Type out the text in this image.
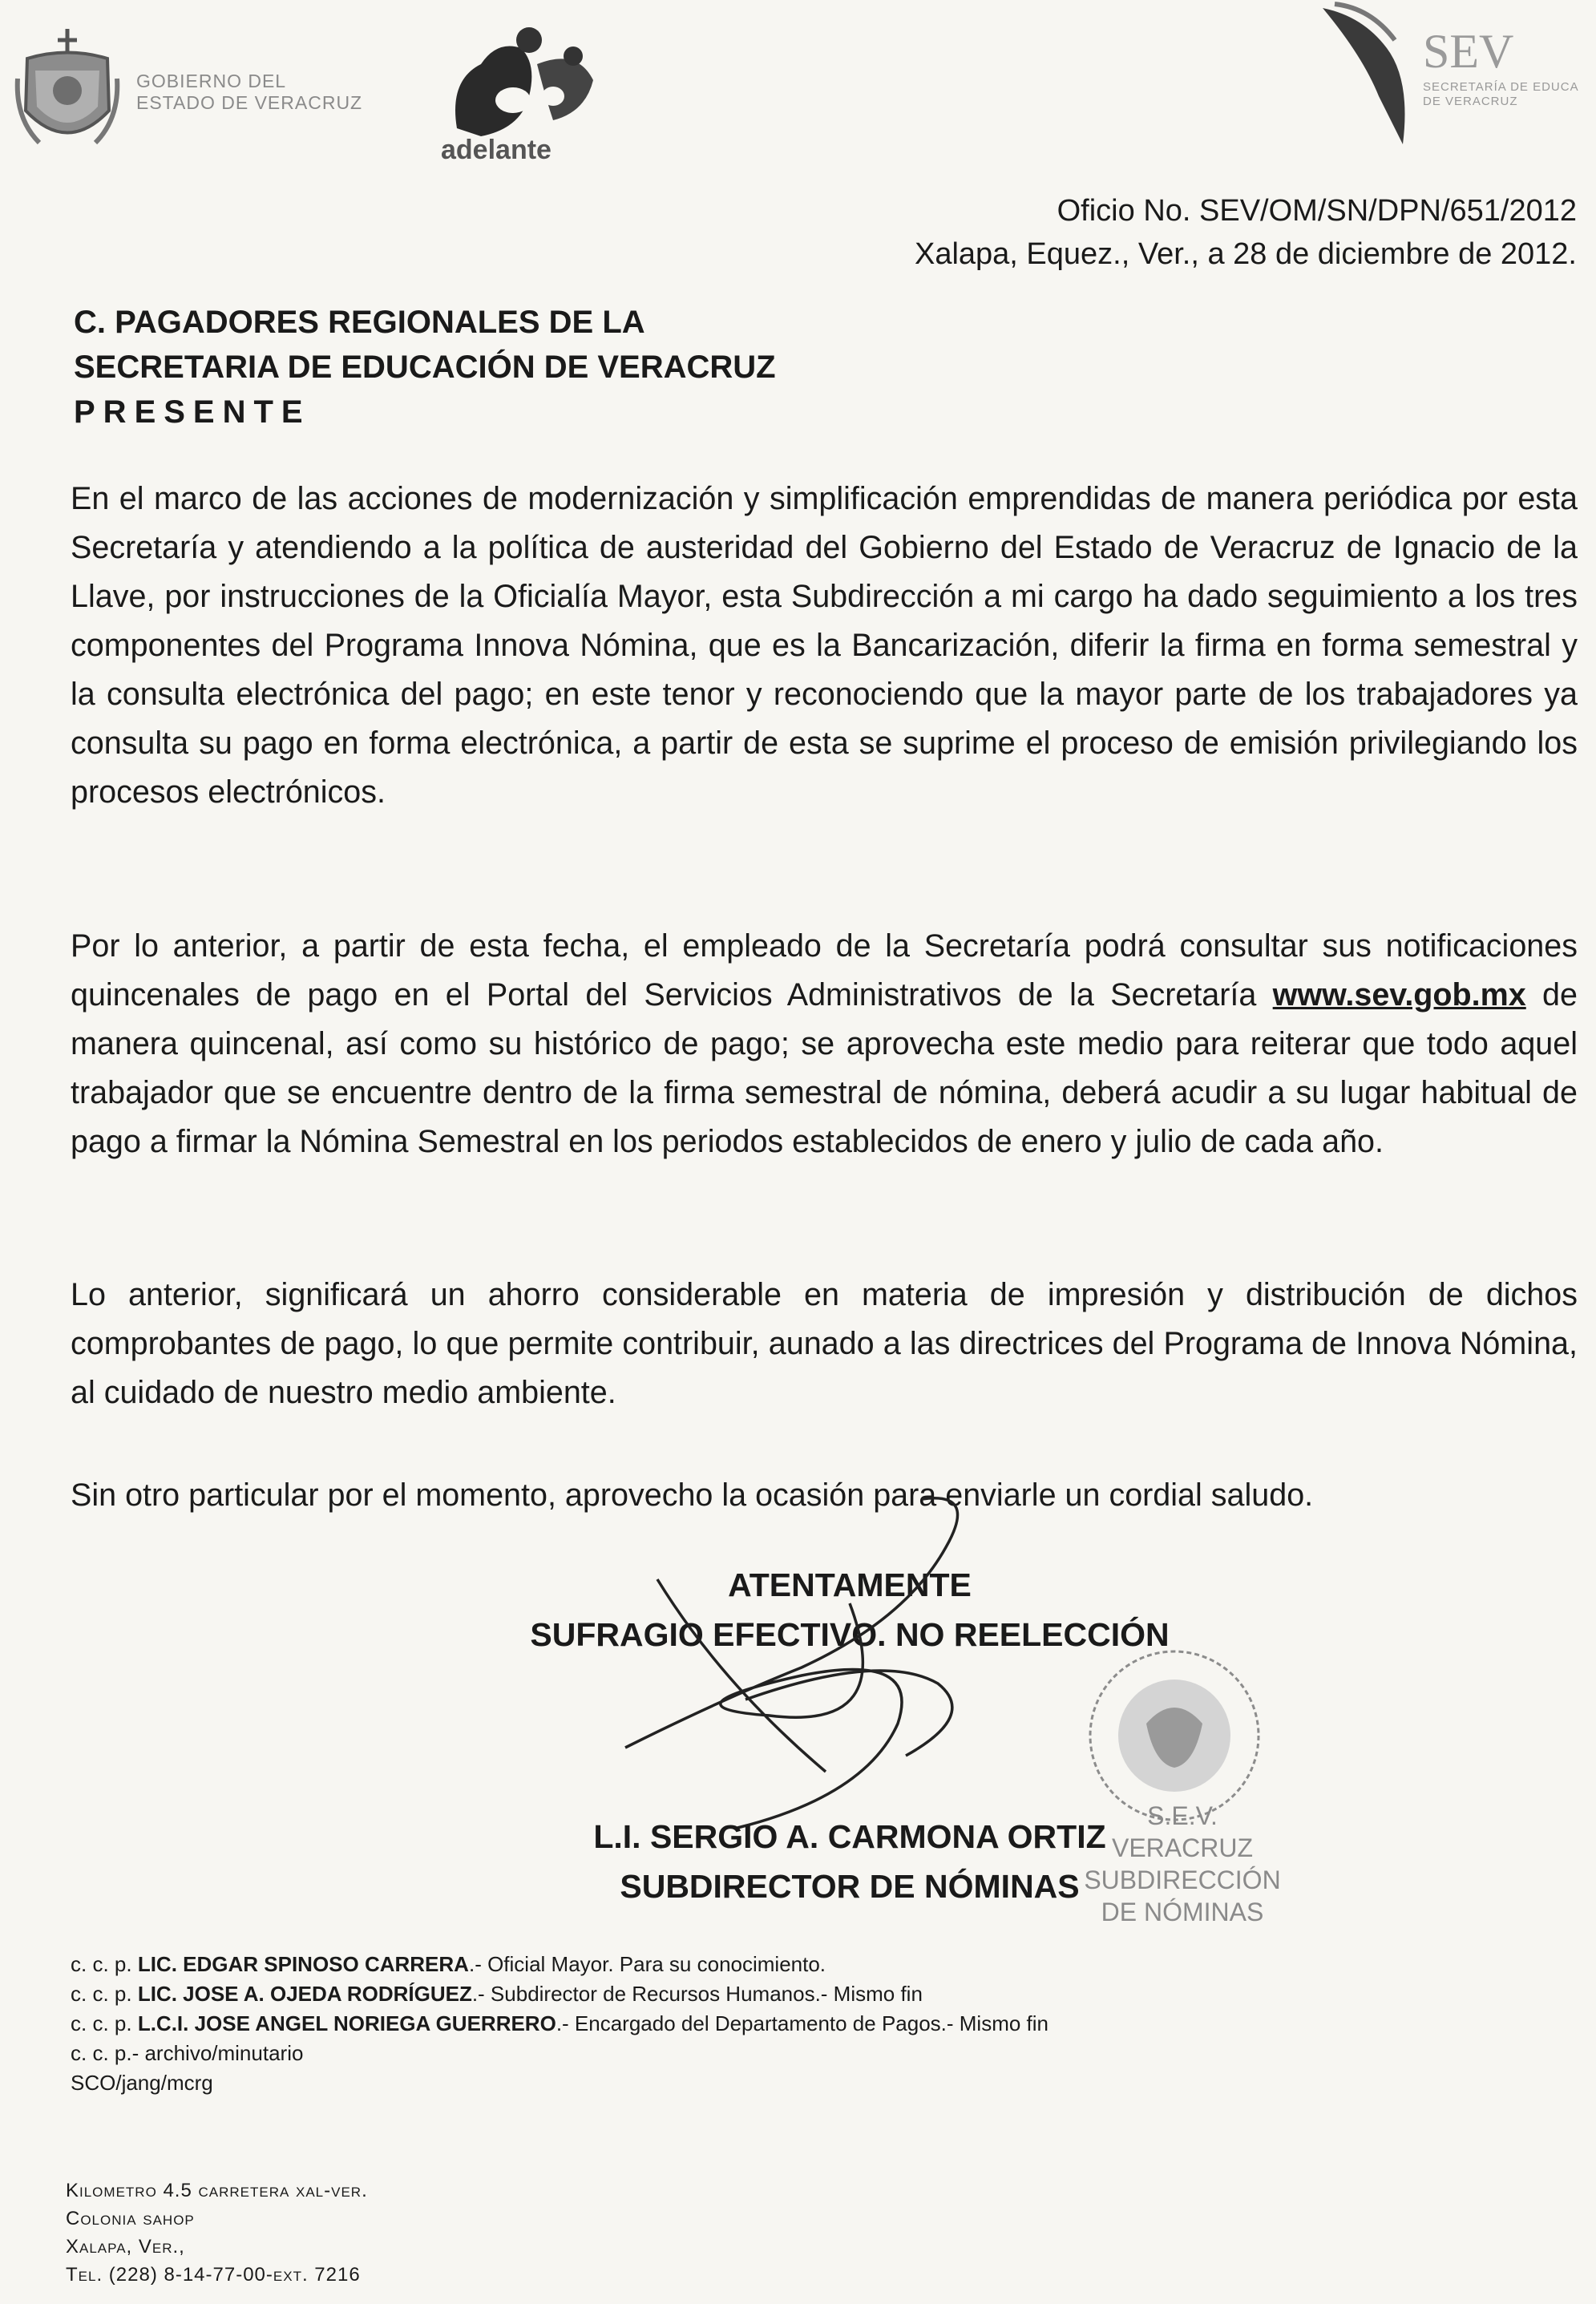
GOBIERNO DEL
ESTADO DE VERACRUZ
adelante
SEV
SECRETARÍA DE EDUCA
DE VERACRUZ
Oficio No. SEV/OM/SN/DPN/651/2012
Xalapa, Equez., Ver., a 28 de diciembre de 2012.
C. PAGADORES REGIONALES DE LA
SECRETARIA DE EDUCACIÓN DE VERACRUZ
PRESENTE
En el marco de las acciones de modernización y simplificación emprendidas de manera periódica por esta Secretaría y atendiendo a la política de austeridad del Gobierno del Estado de Veracruz de Ignacio de la Llave, por instrucciones de la Oficialía Mayor, esta Subdirección a mi cargo ha dado seguimiento a los tres componentes del Programa Innova Nómina, que es la Bancarización, diferir la firma en forma semestral y la consulta electrónica del pago; en este tenor y reconociendo que la mayor parte de los trabajadores ya consulta su pago en forma electrónica, a partir de esta se suprime el proceso de emisión privilegiando los procesos electrónicos.
Por lo anterior, a partir de esta fecha, el empleado de la Secretaría podrá consultar sus notificaciones quincenales de pago en el Portal del Servicios Administrativos de la Secretaría www.sev.gob.mx de manera quincenal, así como su histórico de pago; se aprovecha este medio para reiterar que todo aquel trabajador que se encuentre dentro de la firma semestral de nómina, deberá acudir a su lugar habitual de pago a firmar la Nómina Semestral en los periodos establecidos de enero y julio de cada año.
Lo anterior, significará un ahorro considerable en materia de impresión y distribución de dichos comprobantes de pago, lo que permite contribuir, aunado a las directrices del Programa de Innova Nómina, al cuidado de nuestro medio ambiente.
Sin otro particular por el momento, aprovecho la ocasión para enviarle un cordial saludo.
ATENTAMENTE
SUFRAGIO EFECTIVO. NO REELECCIÓN
S.E.V.
VERACRUZ
SUBDIRECCIÓN
DE NÓMINAS
L.I. SERGIO A. CARMONA ORTIZ
SUBDIRECTOR DE NÓMINAS
c. c. p. LIC. EDGAR SPINOSO CARRERA.- Oficial Mayor. Para su conocimiento.
c. c. p. LIC. JOSE A. OJEDA RODRÍGUEZ.- Subdirector de Recursos Humanos.- Mismo fin
c. c. p. L.C.I. JOSE ANGEL NORIEGA GUERRERO.- Encargado del Departamento de Pagos.- Mismo fin
c. c. p.- archivo/minutario
SCO/jang/mcrg
Kilometro 4.5 carretera xal-ver.
Colonia sahop
Xalapa, Ver.,
Tel. (228) 8-14-77-00-ext. 7216
